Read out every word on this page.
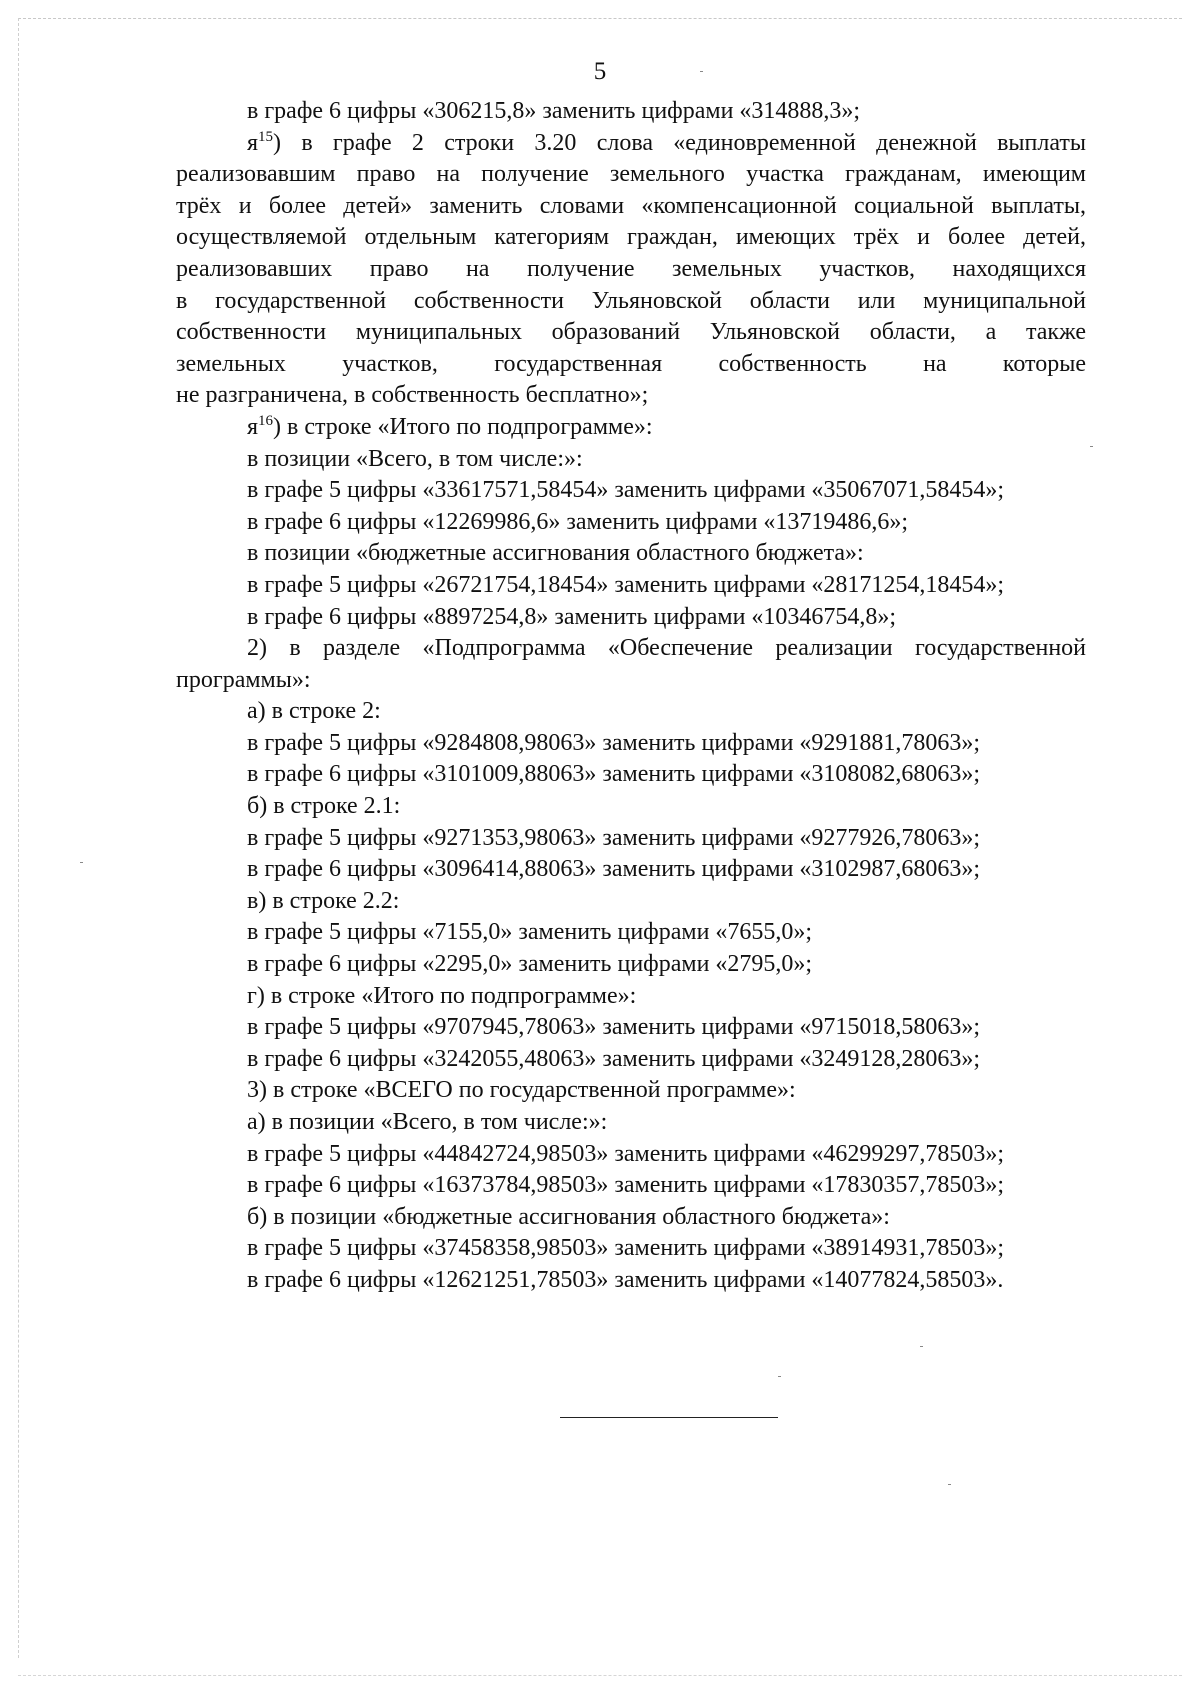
5
в графе 6 цифры «306215,8» заменить цифрами «314888,3»;
$я^{15}$) в графе 2 строки 3.20 слова «единовременной денежной выплаты
реализовавшим право на получение земельного участка гражданам, имеющим
трёх и более детей» заменить словами «компенсационной социальной выплаты,
осуществляемой отдельным категориям граждан, имеющих трёх и более детей,
реализовавших право на получение земельных участков, находящихся
в государственной собственности Ульяновской области или муниципальной
собственности муниципальных образований Ульяновской области, а также
земельных участков, государственная собственность на которые
не разграничена, в собственность бесплатно»;
$я^{16}$) в строке «Итого по подпрограмме»:
в позиции «Всего, в том числе:»:
в графе 5 цифры «33617571,58454» заменить цифрами «35067071,58454»;
в графе 6 цифры «12269986,6» заменить цифрами «13719486,6»;
в позиции «бюджетные ассигнования областного бюджета»:
в графе 5 цифры «26721754,18454» заменить цифрами «28171254,18454»;
в графе 6 цифры «8897254,8» заменить цифрами «10346754,8»;
2) в разделе «Подпрограмма «Обеспечение реализации государственной
программы»:
а) в строке 2:
в графе 5 цифры «9284808,98063» заменить цифрами «9291881,78063»;
в графе 6 цифры «3101009,88063» заменить цифрами «3108082,68063»;
б) в строке 2.1:
в графе 5 цифры «9271353,98063» заменить цифрами «9277926,78063»;
в графе 6 цифры «3096414,88063» заменить цифрами «3102987,68063»;
в) в строке 2.2:
в графе 5 цифры «7155,0» заменить цифрами «7655,0»;
в графе 6 цифры «2295,0» заменить цифрами «2795,0»;
г) в строке «Итого по подпрограмме»:
в графе 5 цифры «9707945,78063» заменить цифрами «9715018,58063»;
в графе 6 цифры «3242055,48063» заменить цифрами «3249128,28063»;
3) в строке «ВСЕГО по государственной программе»:
а) в позиции «Всего, в том числе:»:
в графе 5 цифры «44842724,98503» заменить цифрами «46299297,78503»;
в графе 6 цифры «16373784,98503» заменить цифрами «17830357,78503»;
б) в позиции «бюджетные ассигнования областного бюджета»:
в графе 5 цифры «37458358,98503» заменить цифрами «38914931,78503»;
в графе 6 цифры «12621251,78503» заменить цифрами «14077824,58503».
